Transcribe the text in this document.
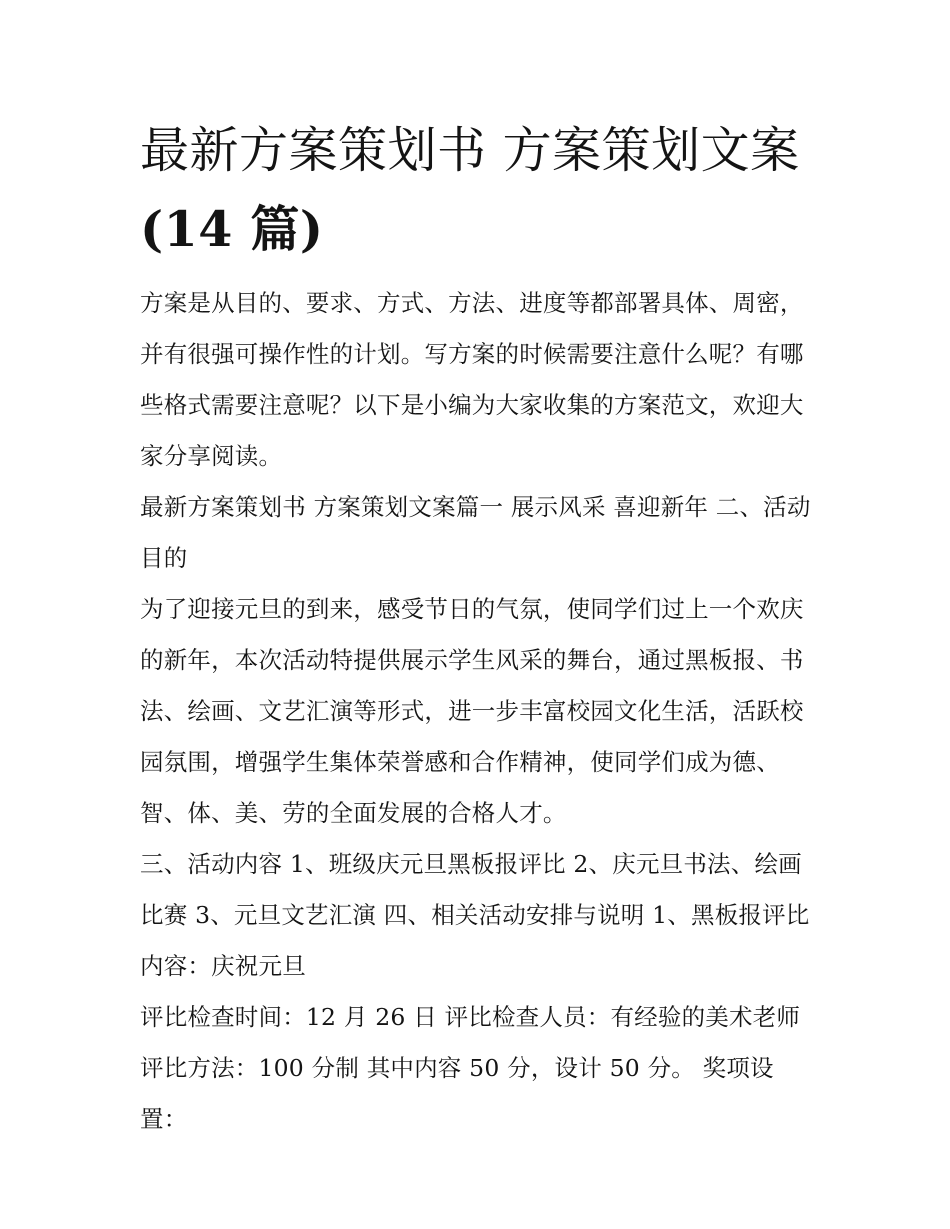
最新方案策划书 方案策划文案
(14 篇)

方案是从目的、要求、方式、方法、进度等都部署具体、周密，并有很强可操作性的计划。写方案的时候需要注意什么呢？有哪些格式需要注意呢？以下是小编为大家收集的方案范文，欢迎大家分享阅读。

最新方案策划书 方案策划文案篇一 展示风采 喜迎新年 二、活动目的

为了迎接元旦的到来，感受节日的气氛，使同学们过上一个欢庆的新年，本次活动特提供展示学生风采的舞台，通过黑板报、书法、绘画、文艺汇演等形式，进一步丰富校园文化生活，活跃校园氛围，增强学生集体荣誉感和合作精神，使同学们成为德、智、体、美、劳的全面发展的合格人才。

三、活动内容 1、班级庆元旦黑板报评比 2、庆元旦书法、绘画比赛 3、元旦文艺汇演 四、相关活动安排与说明 1、黑板报评比 内容：庆祝元旦

评比检查时间：12 月 26 日 评比检查人员：有经验的美术老师 评比方法：100 分制 其中内容 50 分，设计 50 分。 奖项设置：
